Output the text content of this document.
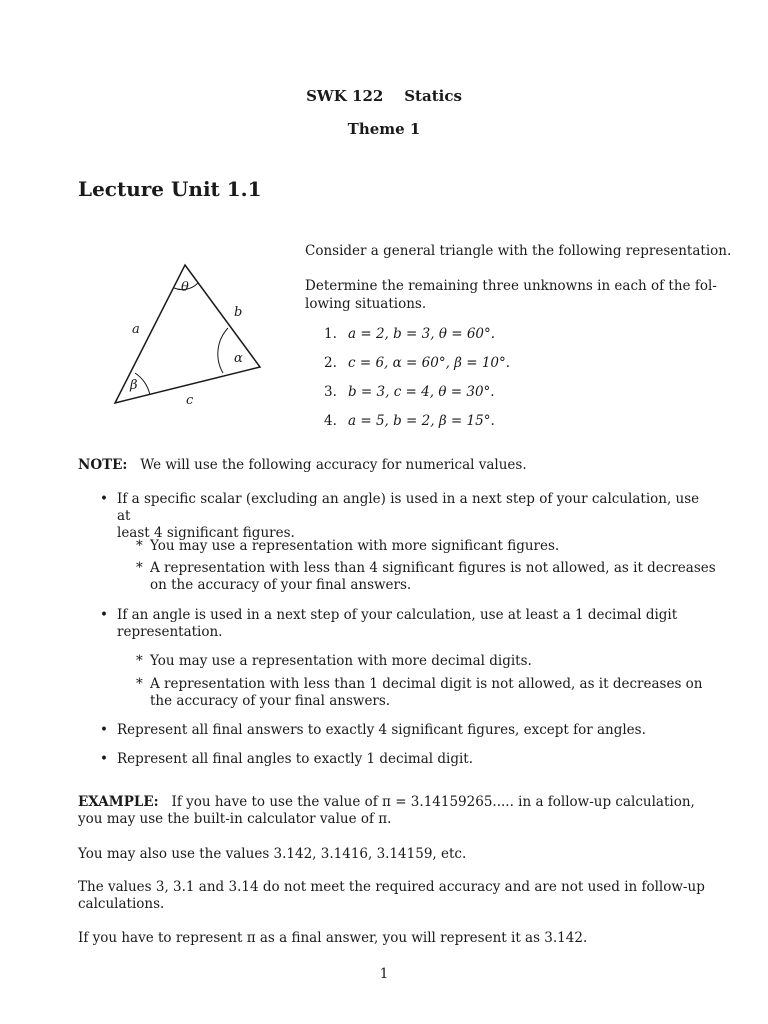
SWK 122 Statics
Theme 1
Lecture Unit 1.1
θ
b
a
α
β
c

Consider a general triangle with the following representation.

Determine the remaining three unknowns in each of the fol-

lowing situations.

1. a = 2, b = 3, θ = 60°.
2. c = 6, α = 60°, β = 10°.
3. b = 3, c = 4, θ = 30°.
4. a = 5, b = 2, β = 15°.

NOTE: We will use the following accuracy for numerical values.

• If a specific scalar (excluding an angle) is used in a next step of your calculation, use at
least 4 significant figures.
* You may use a representation with more significant figures.
* A representation with less than 4 significant figures is not allowed, as it decreases
on the accuracy of your final answers.
• If an angle is used in a next step of your calculation, use at least a 1 decimal digit
representation.
* You may use a representation with more decimal digits.
* A representation with less than 1 decimal digit is not allowed, as it decreases on
the accuracy of your final answers.
• Represent all final answers to exactly 4 significant figures, except for angles.
• Represent all final angles to exactly 1 decimal digit.
EXAMPLE: If you have to use the value of π = 3.14159265..... in a follow-up calculation,
you may use the built-in calculator value of π.

You may also use the values 3.142, 3.1416, 3.14159, etc.

The values 3, 3.1 and 3.14 do not meet the required accuracy and are not used in follow-up
calculations.

If you have to represent π as a final answer, you will represent it as 3.142.

1
